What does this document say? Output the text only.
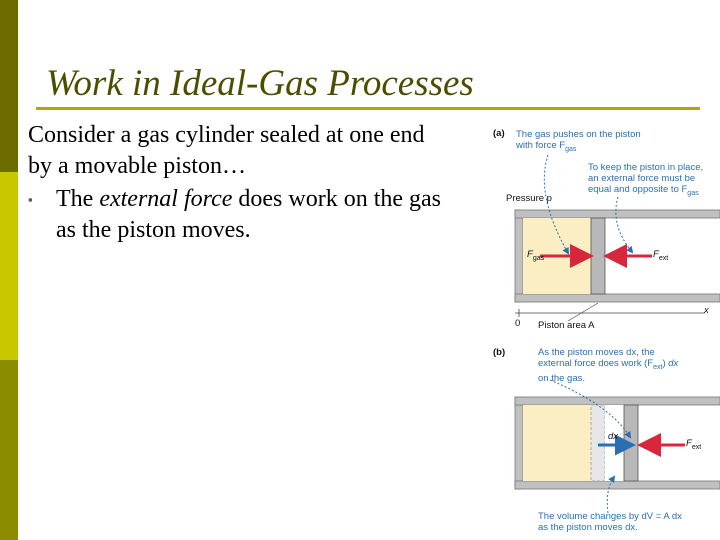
Work in Ideal-Gas Processes
Consider a gas cylinder sealed at one end
by a movable piston…
▪ The external force does work on the gas
as the piston moves.
(a) The gas pushes on the piston
with force $F_{gas}$
To keep the piston in place,
an external force must be
equal and opposite to $F_{gas}$
Pressure p
$F_{gas}$	$F_{ext}$
x
0 Piston area A
(b)	As the piston moves dx, the
external force does work $(F_{ext})$ dx
on the gas.
dx
$F_{ext}$
The volume changes by dV = A dx
as the piston moves dx.
